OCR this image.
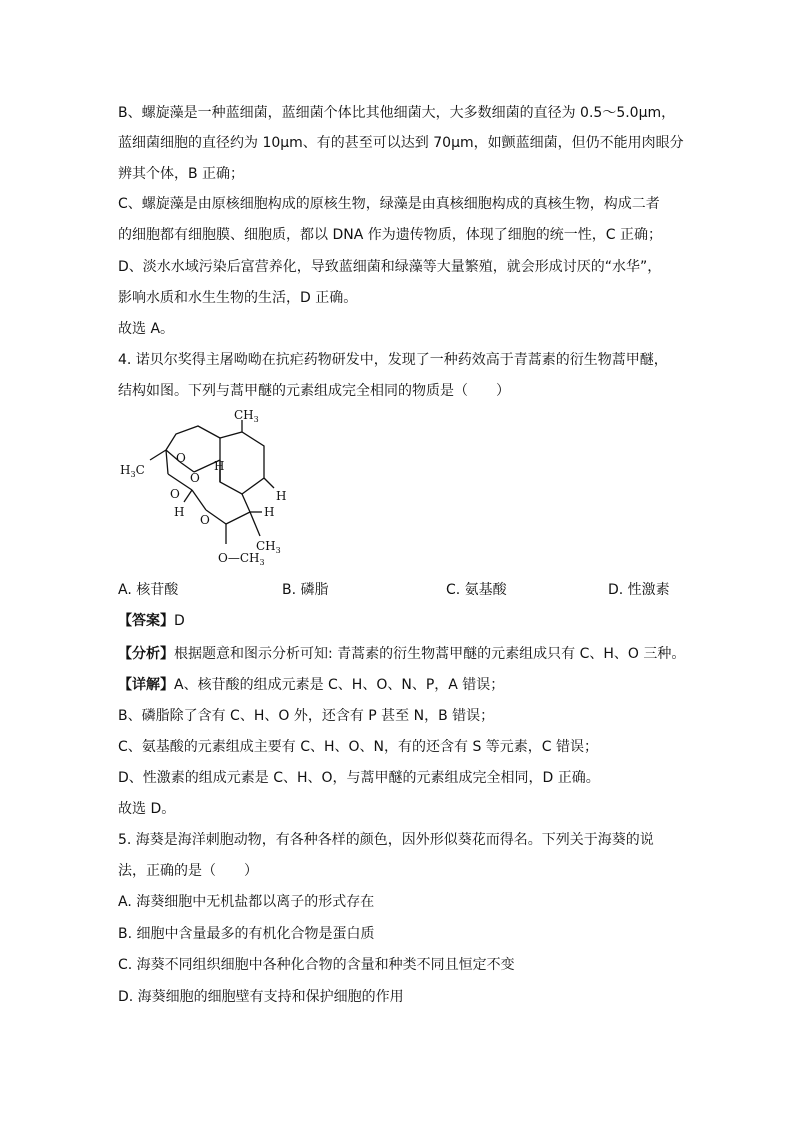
B、螺旋藻是一种蓝细菌，蓝细菌个体比其他细菌大，大多数细菌的直径为 0.5～5.0μm，
蓝细菌细胞的直径约为 10μm、有的甚至可以达到 70μm，如颤蓝细菌，但仍不能用肉眼分
辨其个体，B 正确；
C、螺旋藻是由原核细胞构成的原核生物，绿藻是由真核细胞构成的真核生物，构成二者
的细胞都有细胞膜、细胞质，都以 DNA 作为遗传物质，体现了细胞的统一性，C 正确；
D、淡水水域污染后富营养化，导致蓝细菌和绿藻等大量繁殖，就会形成讨厌的“水华”，
影响水质和水生生物的生活，D 正确。
故选 A。
4. 诺贝尔奖得主屠呦呦在抗疟药物研发中，发现了一种药效高于青蒿素的衍生物蒿甲醚，
结构如图。下列与蒿甲醚的元素组成完全相同的物质是（　　）
$CH_3$
$H_3C$
O
O
O
O
H
H
H	H
$O—CH_3$
$CH_3$
A. 核苷酸	B. 磷脂	C. 氨基酸	D. 性激素
【答案】D
【分析】根据题意和图示分析可知: 青蒿素的衍生物蒿甲醚的元素组成只有 C、H、O 三种。
【详解】A、核苷酸的组成元素是 C、H、O、N、P，A 错误；
B、磷脂除了含有 C、H、O 外，还含有 P 甚至 N，B 错误；
C、氨基酸的元素组成主要有 C、H、O、N，有的还含有 S 等元素，C 错误；
D、性激素的组成元素是 C、H、O，与蒿甲醚的元素组成完全相同，D 正确。
故选 D。
5. 海葵是海洋刺胞动物，有各种各样的颜色，因外形似葵花而得名。下列关于海葵的说
法，正确的是（　　）
A. 海葵细胞中无机盐都以离子的形式存在
B. 细胞中含量最多的有机化合物是蛋白质
C. 海葵不同组织细胞中各种化合物的含量和种类不同且恒定不变
D. 海葵细胞的细胞壁有支持和保护细胞的作用
